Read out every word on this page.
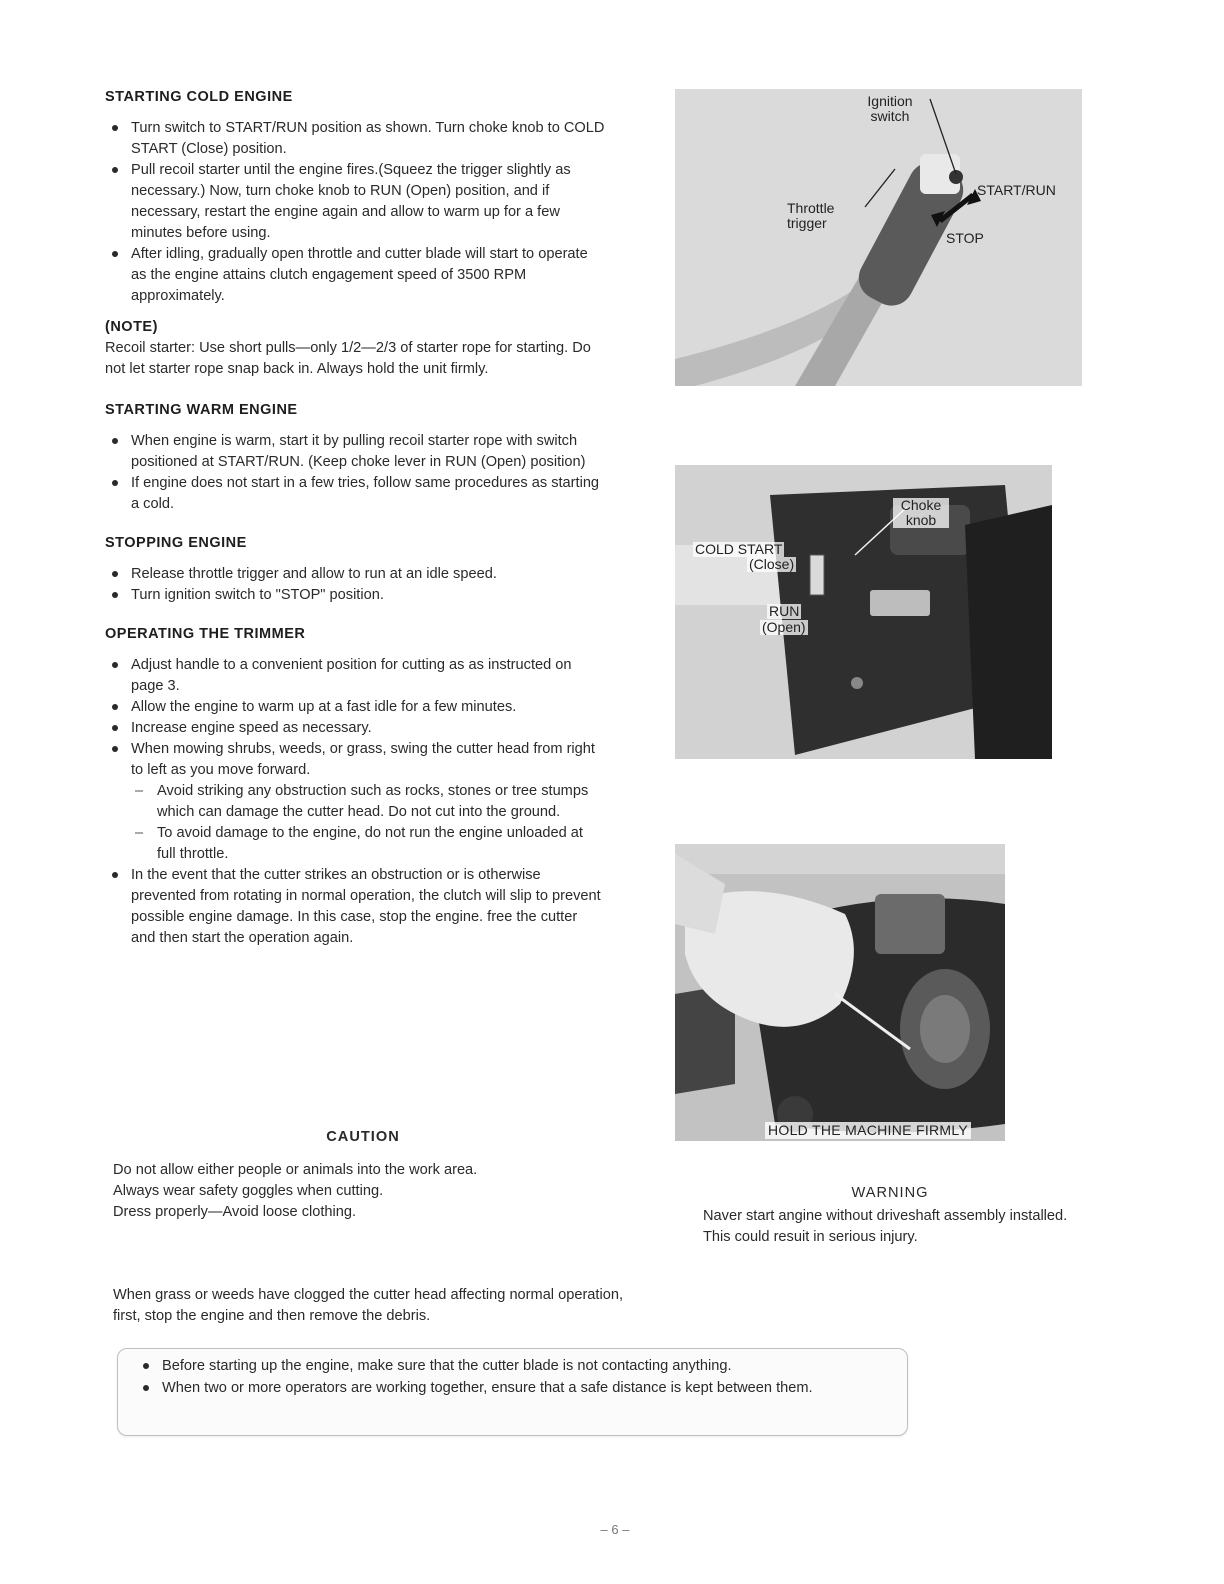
STARTING COLD ENGINE
Turn switch to START/RUN position as shown. Turn choke knob to COLD START (Close) position.
Pull recoil starter until the engine fires.(Squeez the trigger slightly as necessary.) Now, turn choke knob to RUN (Open) position, and if necessary, restart the engine again and allow to warm up for a few minutes before using.
After idling, gradually open throttle and cutter blade will start to operate as the engine attains clutch engagement speed of 3500 RPM approximately.
(NOTE)

Recoil starter: Use short pulls—only 1/2—2/3 of starter rope for starting. Do not let starter rope snap back in. Always hold the unit firmly.

STARTING WARM ENGINE
When engine is warm, start it by pulling recoil starter rope with switch positioned at START/RUN. (Keep choke lever in RUN (Open) position)
If engine does not start in a few tries, follow same procedures as starting a cold.
STOPPING ENGINE
Release throttle trigger and allow to run at an idle speed.
Turn ignition switch to "STOP" position.
OPERATING THE TRIMMER
Adjust handle to a convenient position for cutting as as instructed on page 3.
Allow the engine to warm up at a fast idle for a few minutes.
Increase engine speed as necessary.
When mowing shrubs, weeds, or grass, swing the cutter head from right to left as you move forward.
– Avoid striking any obstruction such as rocks, stones or tree stumps which can damage the cutter head. Do not cut into the ground.
– To avoid damage to the engine, do not run the engine unloaded at full throttle.
In the event that the cutter strikes an obstruction or is otherwise prevented from rotating in normal operation, the clutch will slip to prevent possible engine damage. In this case, stop the engine. free the cutter and then start the operation again.
CAUTION

Do not allow either people or animals into the work area.

Always wear safety goggles when cutting.

Dress properly—Avoid loose clothing.

When grass or weeds have clogged the cutter head affecting normal operation, first, stop the engine and then remove the debris.
Ignition switch
Throttle trigger
START/RUN
STOP
Choke knob
COLD START
(Close)
RUN
(Open)
HOLD THE MACHINE FIRMLY
WARNING
Naver start angine without driveshaft assembly installed. This could resuit in serious injury.
Before starting up the engine, make sure that the cutter blade is not contacting anything.
When two or more operators are working together, ensure that a safe distance is kept between them.
– 6 –
